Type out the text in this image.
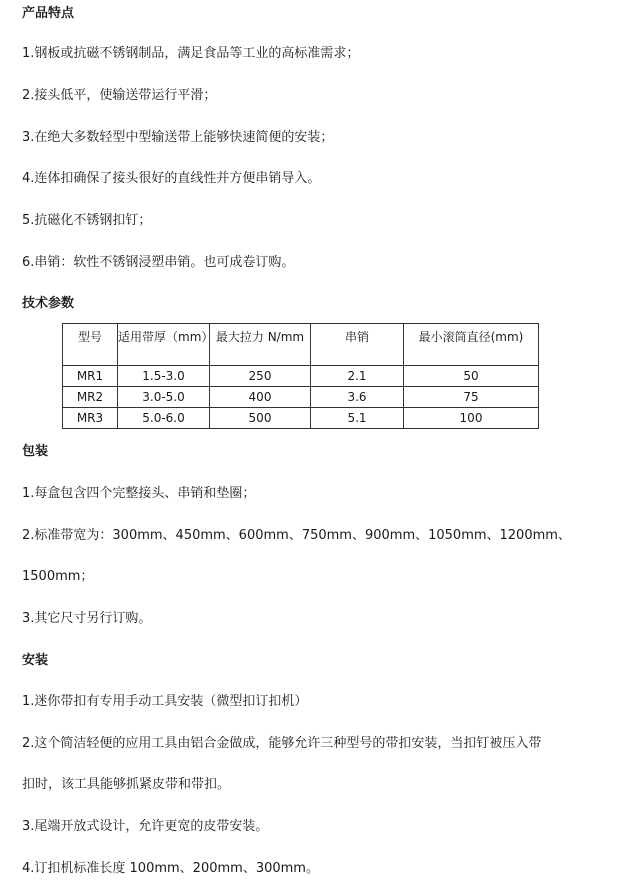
产品特点
1.钢板或抗磁不锈钢制品，满足食品等工业的高标准需求；
2.接头低平，使输送带运行平滑；
3.在绝大多数轻型中型输送带上能够快速简便的安装；
4.连体扣确保了接头很好的直线性并方便串销导入。
5.抗磁化不锈钢扣钉；
6.串销：软性不锈钢浸塑串销。也可成卷订购。
技术参数
型号	适用带厚（mm）	最大拉力 N/mm	串销	最小滚筒直径(mm)
MR1	1.5-3.0	250	2.1	50
MR2	3.0-5.0	400	3.6	75
MR3	5.0-6.0	500	5.1	100
包装
1.每盒包含四个完整接头、串销和垫圈；
2.标准带宽为：300mm、450mm、600mm、750mm、900mm、1050mm、1200mm、
1500mm；
3.其它尺寸另行订购。
安装
1.迷你带扣有专用手动工具安装（微型扣订扣机）
2.这个简洁轻便的应用工具由铝合金做成，能够允许三种型号的带扣安装，当扣钉被压入带
扣时，该工具能够抓紧皮带和带扣。
3.尾端开放式设计，允许更宽的皮带安装。
4.订扣机标准长度 100mm、200mm、300mm。
